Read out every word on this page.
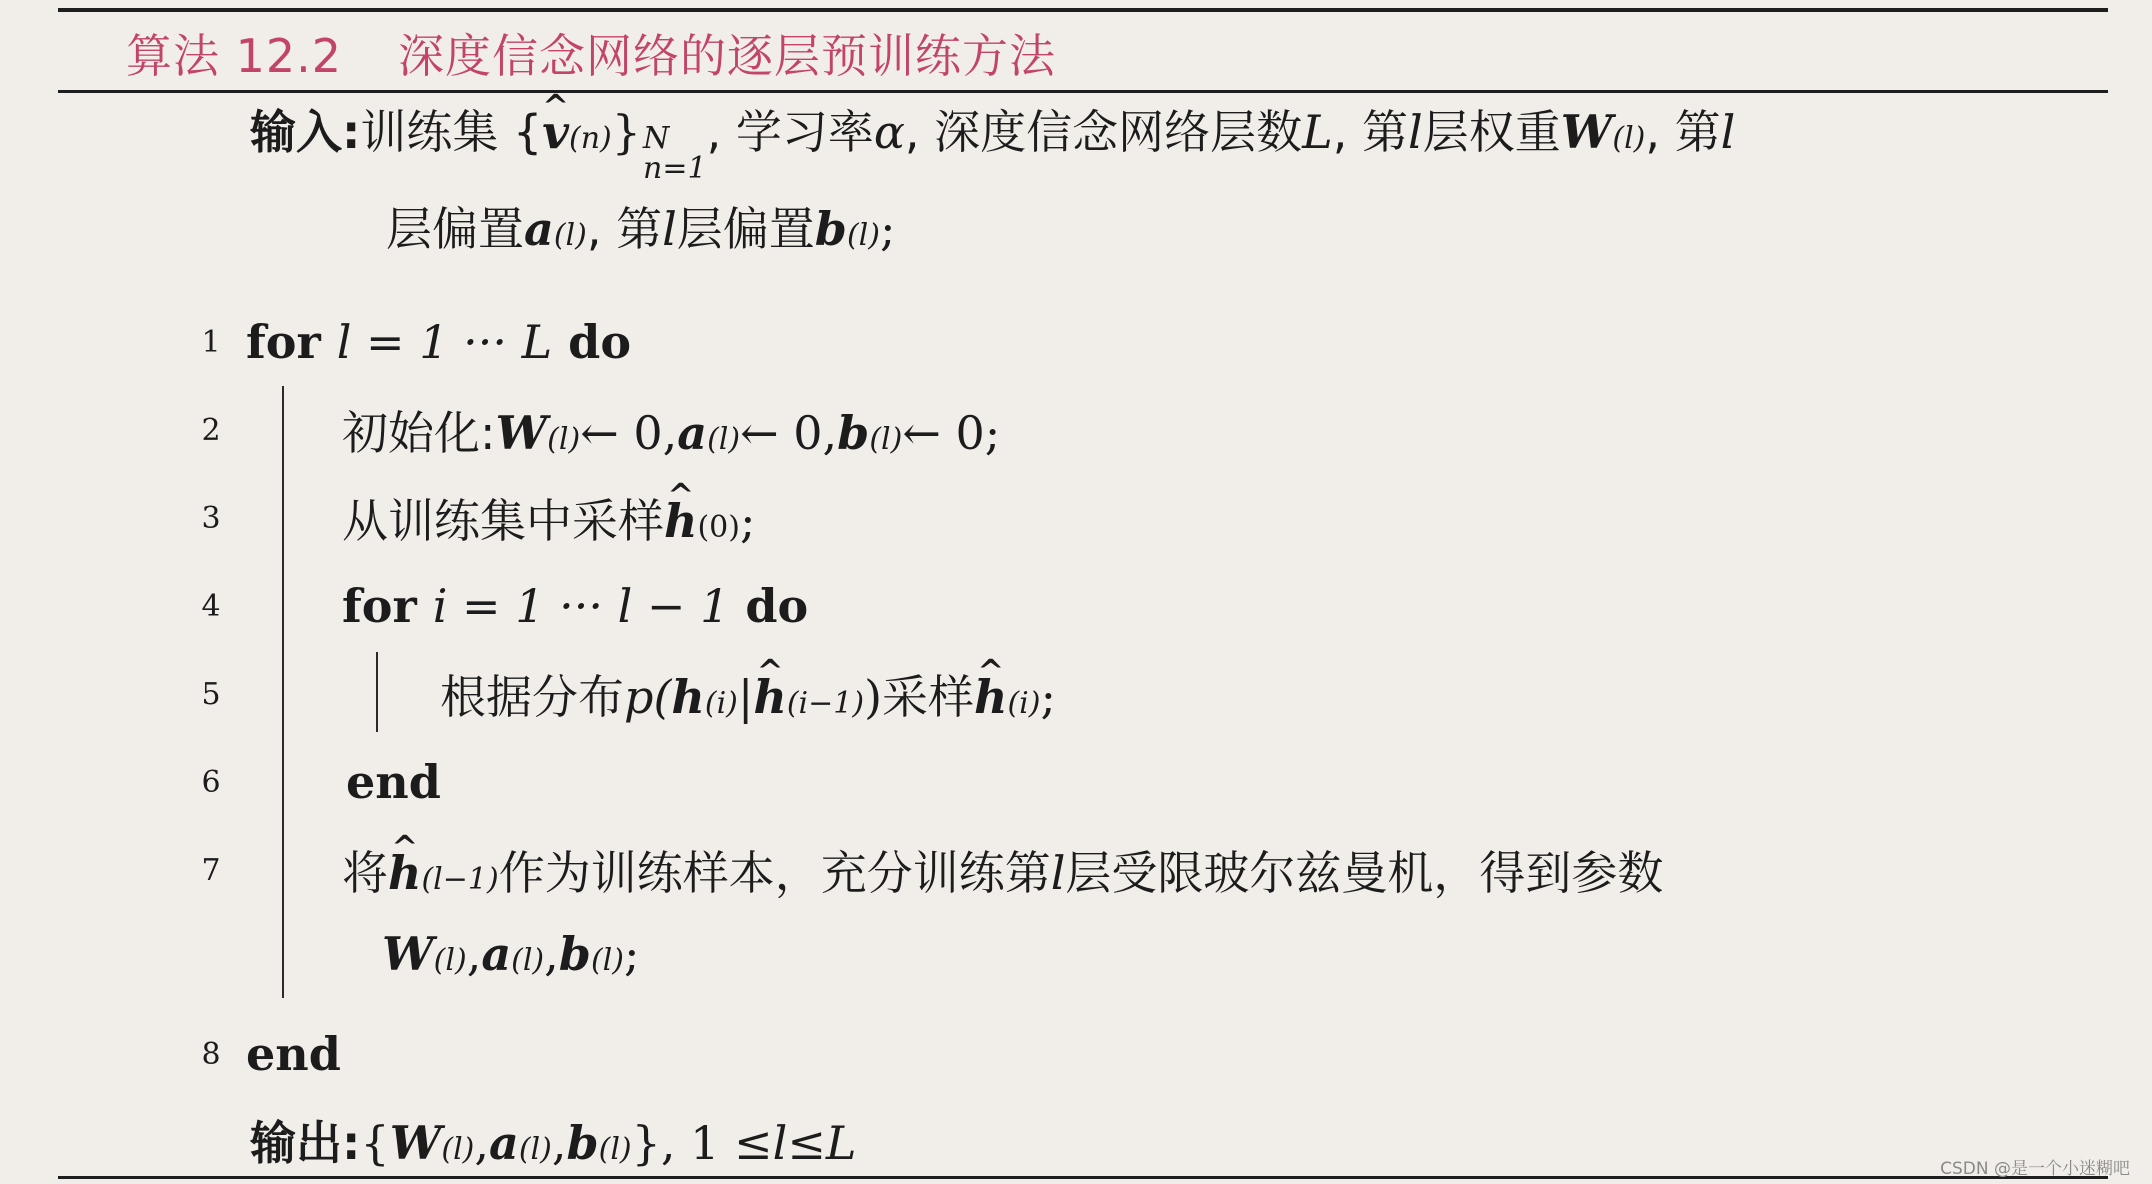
算法 12.2 深度信念网络的逐层预训练方法
输入: 训练集 { ^ v (n) } N
n=1
, 学习率 α , 深度信念网络层数 L , 第 l 层权重 W (l) , 第 l
层偏置 a (l) , 第 l 层偏置 b (l) ;
1 for l = 1 ··· L do
2	初始化: W (l) ← 0, a (l) ← 0, b (l) ← 0;
3	从训练集中采样 ^ h (0) ;
4	for i = 1 ··· l − 1 do
5	根据分布 p( h (i) | ^ h (i−1) ) 采样 ^ h (i) ;
6	end
7	将 ^ h (l−1) 作为训练样本，充分训练第 l 层受限玻尔兹曼机，得到参数
W (l) , a (l) , b (l) ;
8 end
输出: { W (l) , a (l) , b (l) }, 1 ≤ l ≤ L	CSDN @是一个小迷糊吧
